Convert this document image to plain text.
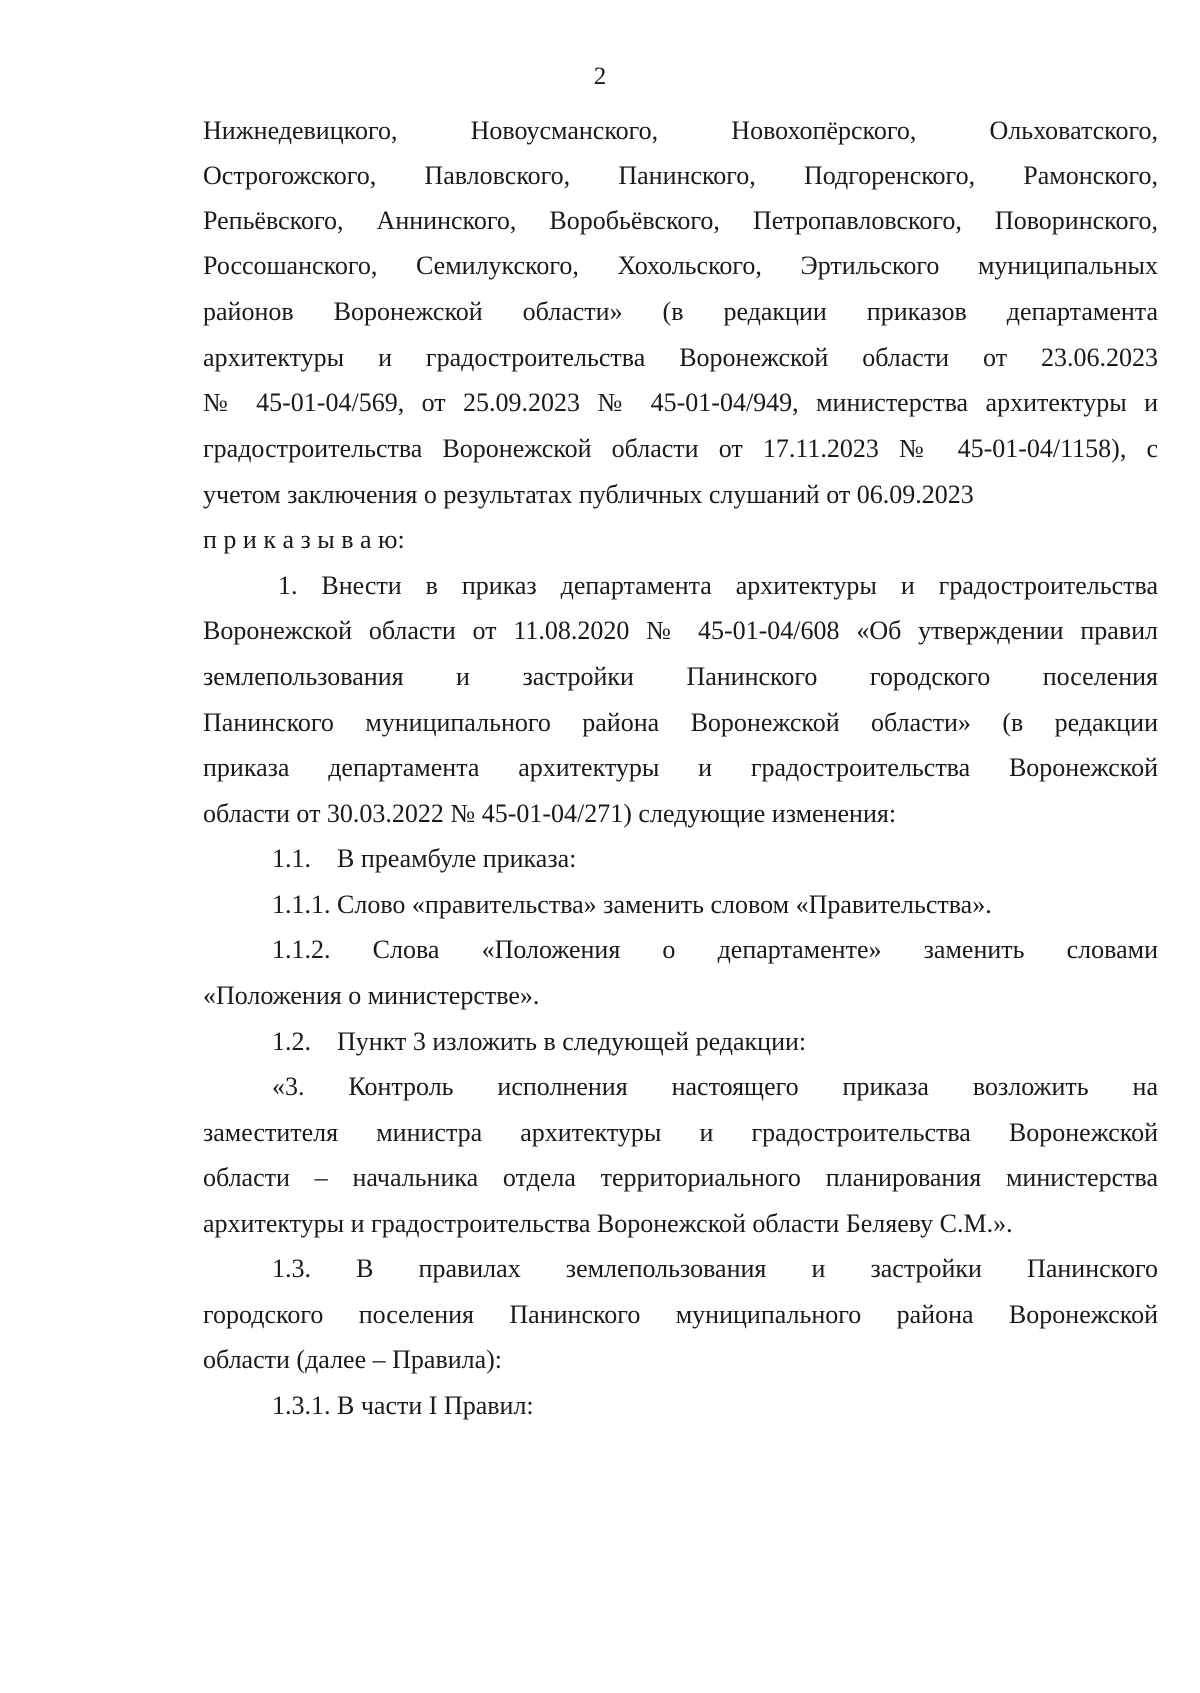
2
Нижнедевицкого, Новоусманского, Новохопёрского, Ольховатского,
Острогожского, Павловского, Панинского, Подгоренского, Рамонского,
Репьёвского, Аннинского, Воробьёвского, Петропавловского, Поворинского,
Россошанского, Семилукского, Хохольского, Эртильского муниципальных
районов Воронежской области» (в редакции приказов департамента
архитектуры и градостроительства Воронежской области от 23.06.2023
№ 45-01-04/569, от 25.09.2023 № 45-01-04/949, министерства архитектуры и
градостроительства Воронежской области от 17.11.2023 № 45-01-04/1158), с
учетом заключения о результатах публичных слушаний от 06.09.2023
п р и к а з ы в а ю:
1. Внести в приказ департамента архитектуры и градостроительства
Воронежской области от 11.08.2020 № 45-01-04/608 «Об утверждении правил
землепользования и застройки Панинского городского поселения
Панинского муниципального района Воронежской области» (в редакции
приказа департамента архитектуры и градостроительства Воронежской
области от 30.03.2022 № 45-01-04/271) следующие изменения:
1.1.    В преамбуле приказа:
1.1.1. Слово «правительства» заменить словом «Правительства».
1.1.2. Слова «Положения о департаменте» заменить словами
«Положения о министерстве».
1.2.    Пункт 3 изложить в следующей редакции:
«3. Контроль исполнения настоящего приказа возложить на
заместителя министра архитектуры и градостроительства Воронежской
области – начальника отдела территориального планирования министерства
архитектуры и градостроительства Воронежской области Беляеву С.М.».
1.3. В правилах землепользования и застройки Панинского
городского поселения Панинского муниципального района Воронежской
области (далее – Правила):
1.3.1. В части I Правил:
